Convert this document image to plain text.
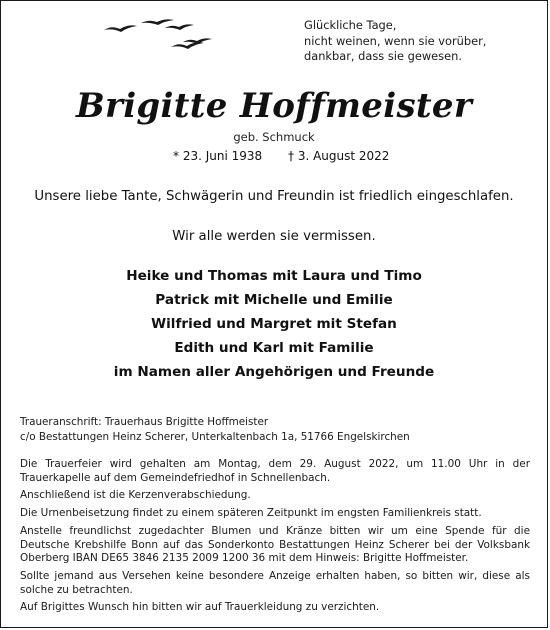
Glückliche Tage,
nicht weinen, wenn sie vorüber,
dankbar, dass sie gewesen.
Brigitte Hoffmeister
geb. Schmuck
* 23. Juni 1938 † 3. August 2022
Unsere liebe Tante, Schwägerin und Freundin ist friedlich eingeschlafen.
Wir alle werden sie vermissen.
Heike und Thomas mit Laura und Timo
Patrick mit Michelle und Emilie
Wilfried und Margret mit Stefan
Edith und Karl mit Familie
im Namen aller Angehörigen und Freunde
Traueranschrift: Trauerhaus Brigitte Hoffmeister
c/o Bestattungen Heinz Scherer, Unterkaltenbach 1a, 51766 Engelskirchen

Die Trauerfeier wird gehalten am Montag, dem 29. August 2022, um 11.00 Uhr in der Trauerkapelle auf dem Gemeindefriedhof in Schnellenbach.

Anschließend ist die Kerzenverabschiedung.

Die Urnenbeisetzung findet zu einem späteren Zeitpunkt im engsten Familienkreis statt.

Anstelle freundlichst zugedachter Blumen und Kränze bitten wir um eine Spende für die Deutsche Krebshilfe Bonn auf das Sonderkonto Bestattungen Heinz Scherer bei der Volksbank Oberberg IBAN DE65 3846 2135 2009 1200 36 mit dem Hinweis: Brigitte Hoffmeister.

Sollte jemand aus Versehen keine besondere Anzeige erhalten haben, so bitten wir, diese als solche zu betrachten.

Auf Brigittes Wunsch hin bitten wir auf Trauerkleidung zu verzichten.
